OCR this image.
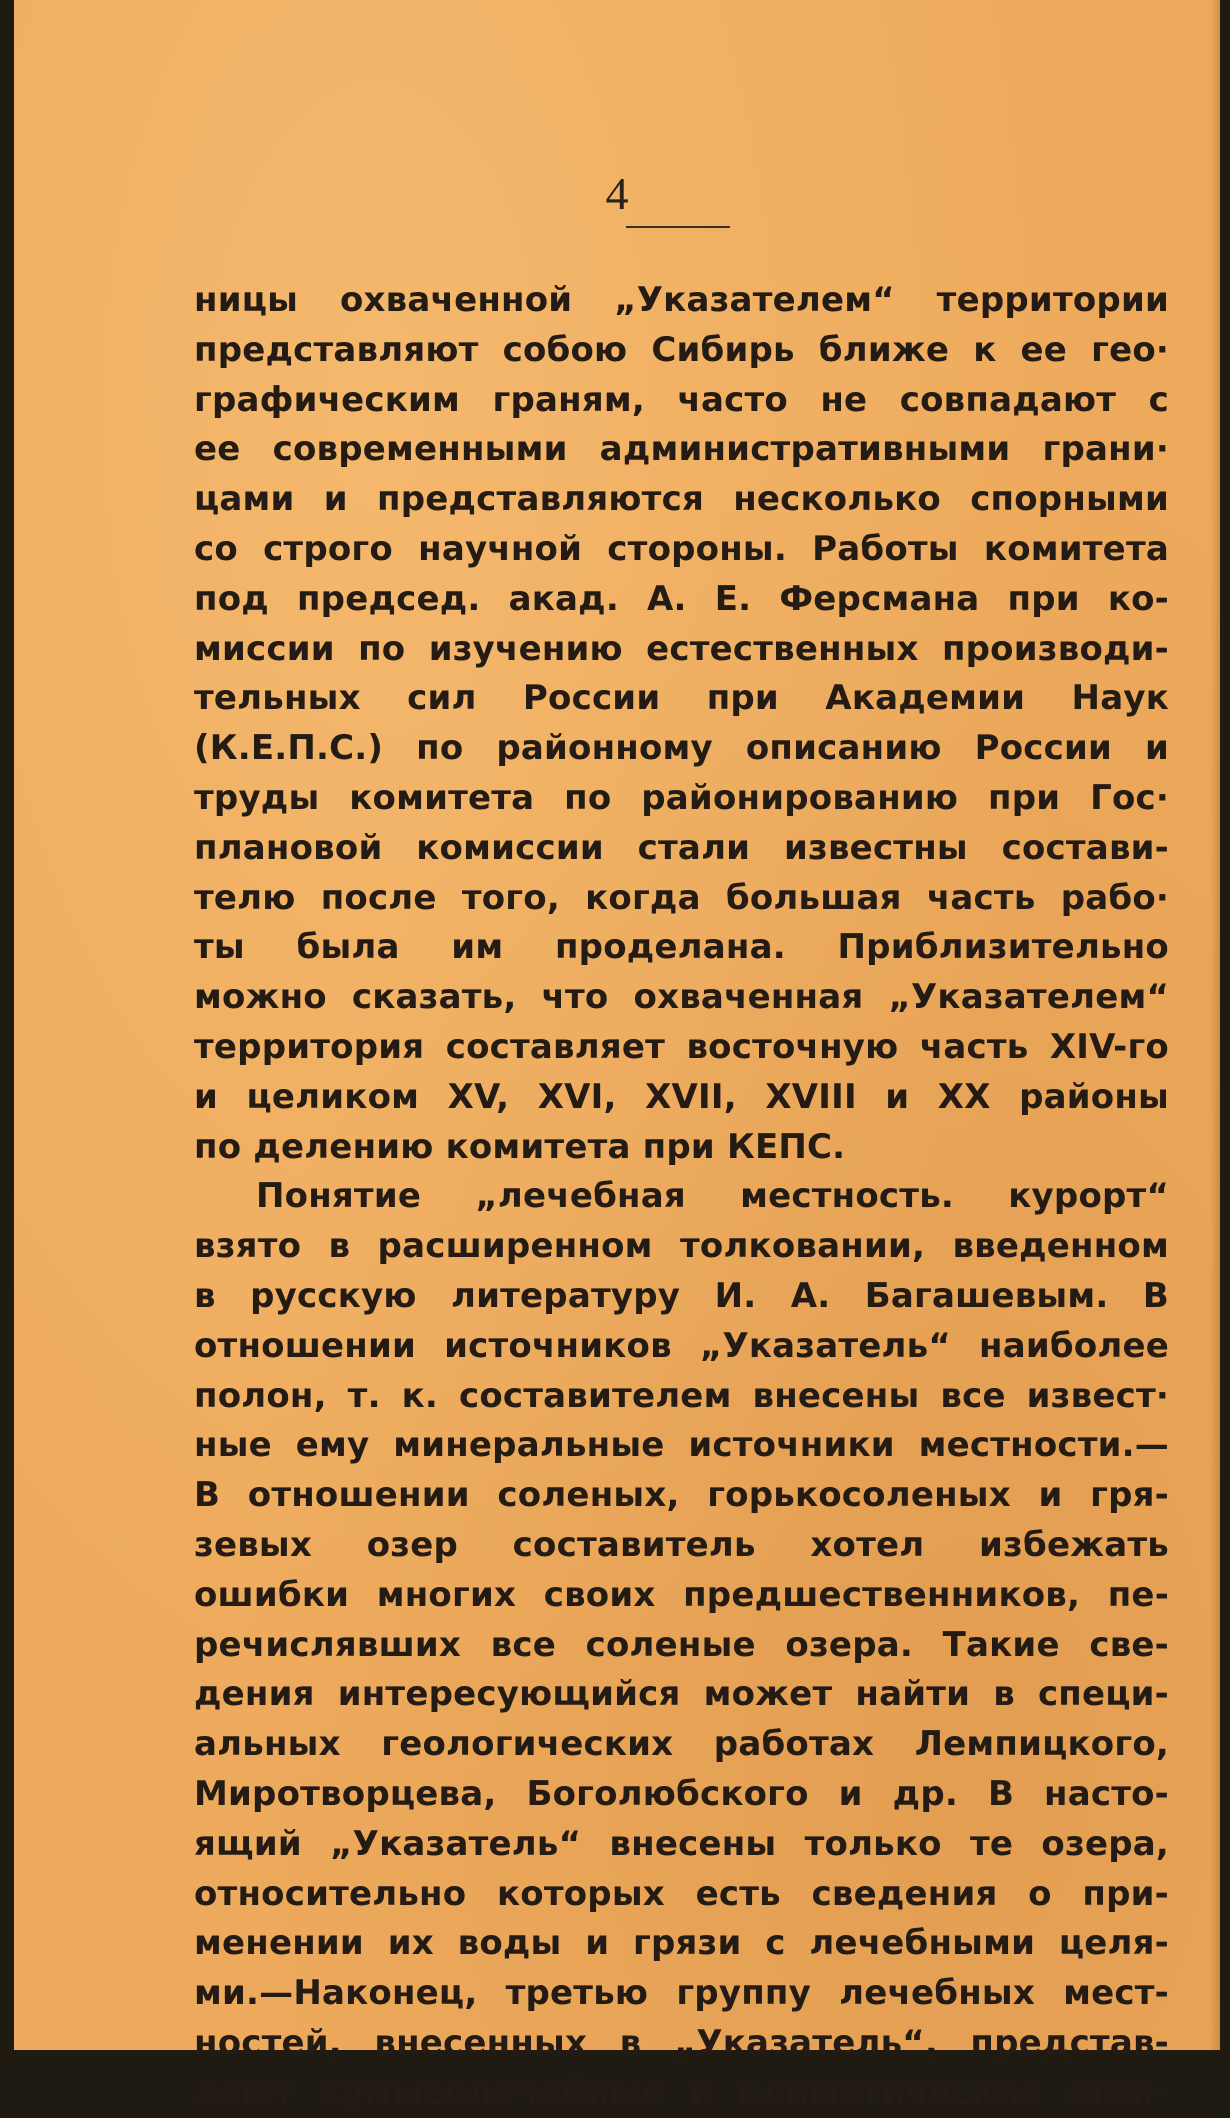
4
ницы охваченной „Указателем“ территории
представляют собою Сибирь ближе к ее гео·
графическим граням, часто не совпадают с
ее современными административными грани·
цами и представляются несколько спорными
со строго научной стороны. Работы комитета
под председ. акад. А. Е. Ферсмана при ко-
миссии по изучению естественных производи-
тельных сил России при Академии Наук
(К.Е.П.С.) по районному описанию России и
труды комитета по районированию при Гос·
плановой комиссии стали известны состави-
телю после того, когда большая часть рабо·
ты была им проделана. Приблизительно
можно сказать, что охваченная „Указателем“
территория составляет восточную часть XIV-го
и целиком XV, XVI, XVII, XVIII и XX районы
по делению комитета при КЕПС.
Понятие „лечебная местность. курорт“
взято в расширенном толковании, введенном
в русскую литературу И. А. Багашевым. В
отношении источников „Указатель“ наиболее
полон, т. к. составителем внесены все извест·
ные ему минеральные источники местности.—
В отношении соленых, горькосоленых и гря-
зевых озер составитель хотел избежать
ошибки многих своих предшественников, пе-
речислявших все соленые озера. Такие све-
дения интересующийся может найти в специ-
альных геологических работах Лемпицкого,
Миротворцева, Боголюбского и др. В насто-
ящий „Указатель“ внесены только те озера,
относительно которых есть сведения о при-
менении их воды и грязи с лечебными целя-
ми.—Наконец, третью группу лечебных мест-
ностей, внесенных в „Указатель“, представ-
ляют кумысолечебные и климатические стан-
